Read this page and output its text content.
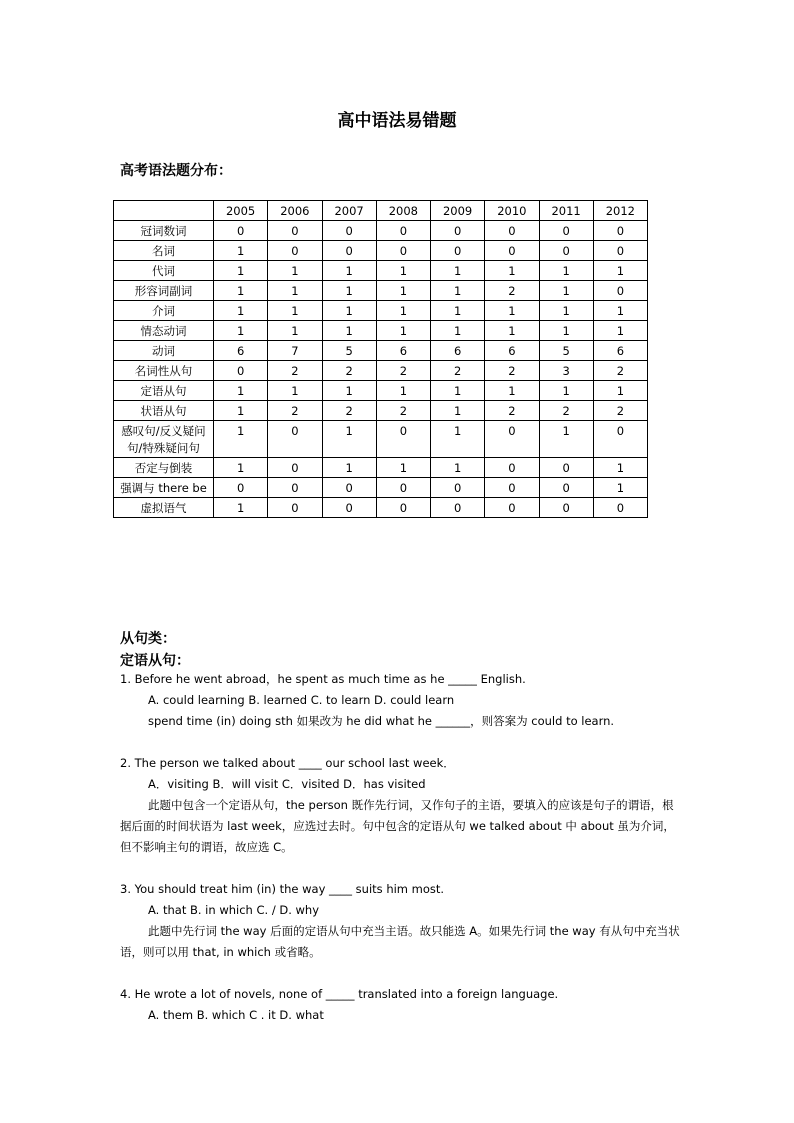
高中语法易错题
高考语法题分布：
	2005	2006	2007	2008	2009	2010	2011	2012
冠词数词	0	0	0	0	0	0	0	0
名词	1	0	0	0	0	0	0	0
代词	1	1	1	1	1	1	1	1
形容词副词	1	1	1	1	1	2	1	0
介词	1	1	1	1	1	1	1	1
情态动词	1	1	1	1	1	1	1	1
动词	6	7	5	6	6	6	5	6
名词性从句	0	2	2	2	2	2	3	2
定语从句	1	1	1	1	1	1	1	1
状语从句	1	2	2	2	1	2	2	2
感叹句/反义疑问句/特殊疑问句	1	0	1	0	1	0	1	0
否定与倒装	1	0	1	1	1	0	0	1
强调与 there be	0	0	0	0	0	0	0	1
虚拟语气	1	0	0	0	0	0	0	0
从句类：
定语从句：

1. Before he went abroad，he spent as much time as he _____ English.

A. could learning B. learned C. to learn D. could learn

spend time (in) doing sth 如果改为 he did what he ______，则答案为 could to learn.

2. The person we talked about ____ our school last week．

A．visiting B．will visit C．visited D．has visited

此题中包含一个定语从句，the person 既作先行词，又作句子的主语，要填入的应该是句子的谓语，根据后面的时间状语为 last week，应选过去时。句中包含的定语从句 we talked about 中 about 虽为介词，但不影响主句的谓语，故应选 C。

3. You should treat him (in) the way ____ suits him most.

A. that B. in which C. / D. why

此题中先行词 the way 后面的定语从句中充当主语。故只能选 A。如果先行词 the way 有从句中充当状语，则可以用 that, in which 或省略。

4. He wrote a lot of novels, none of _____ translated into a foreign language.

A. them B. which C . it D. what
